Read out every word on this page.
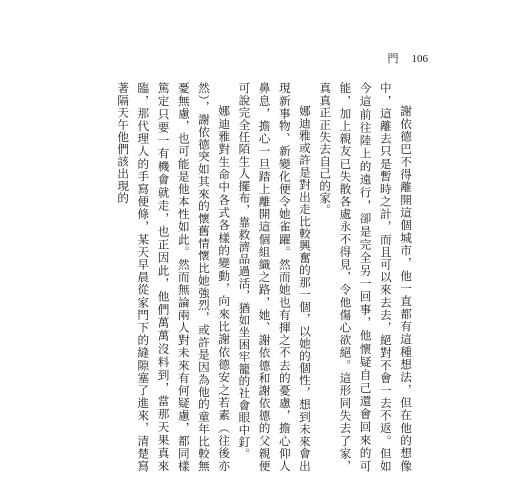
門 106

謝依德巴不得離開這個城市，他一直都有這種想法，但在他的想像中，這離去只是暫時之計，而且可以來去去，絕對不會一去不返。但如今這前往陸上的遠行，卻是完全另一回事，他懷疑自己還會回來的可能，加上親友已失散各處永不得見，令他傷心欲絕。這形同失去了家，真真正正失去自己的家。

娜迪雅或許是對出走比較興奮的那一個，以她的個性，想到未來會出現新事物、新變化便令她雀躍。然而她也有揮之不去的憂慮，擔心仰人鼻息，擔心一旦踏上離開這個組織之路，她、謝依德和謝依德的父親便可說完全任陌生人擺布，靠救濟品過活，猶如坐困牢籠的社會眼中釘。

娜迪雅對生命中各式各樣的變動，向來比謝依德安之若素（往後亦然），謝依德突如其來的懷舊情懷比她強烈，或許是因為他的童年比較無憂無慮，也可能是他本性如此。然而無論兩人對未來有何疑慮，都同樣篤定只要一有機會就走，也正因此，他們萬萬沒料到，當那天果真來臨，那代理人的手寫便條，某天早晨從家門下的縫隙塞了進來，清楚寫著隔天午他們該出現的
